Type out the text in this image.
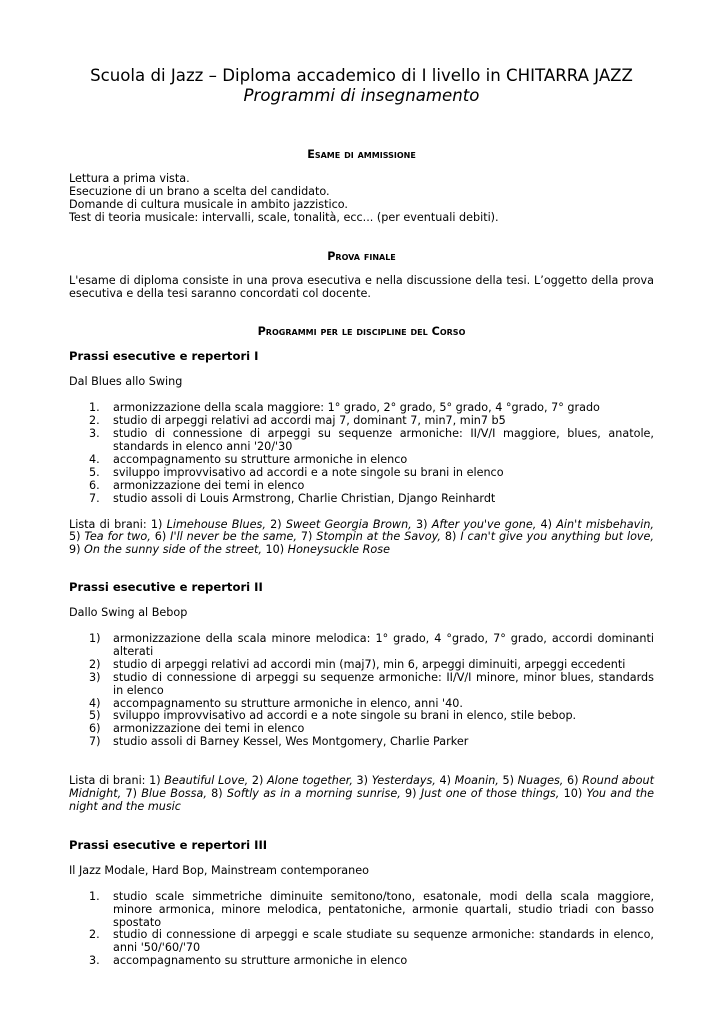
Scuola di Jazz – Diploma accademico di I livello in CHITARRA JAZZ

Programmi di insegnamento

Esame di ammissione

Lettura a prima vista.
Esecuzione di un brano a scelta del candidato.
Domande di cultura musicale in ambito jazzistico.
Test di teoria musicale: intervalli, scale, tonalità, ecc... (per eventuali debiti).

Prova finale

L'esame di diploma consiste in una prova esecutiva e nella discussione della tesi. L’oggetto della prova esecutiva e della tesi saranno concordati col docente.

Programmi per le discipline del Corso

Prassi esecutive e repertori I

Dal Blues allo Swing

1. armonizzazione della scala maggiore: 1° grado, 2° grado, 5° grado, 4 °grado, 7° grado
2. studio di arpeggi relativi ad accordi maj 7, dominant 7, min7, min7 b5
3. studio di connessione di arpeggi su sequenze armoniche: II/V/I maggiore, blues, anatole, standards in elenco anni '20/'30
4. accompagnamento su strutture armoniche in elenco
5. sviluppo improvvisativo ad accordi e a note singole su brani in elenco
6. armonizzazione dei temi in elenco
7. studio assoli di Louis Armstrong, Charlie Christian, Django Reinhardt

Lista di brani: 1) Limehouse Blues, 2) Sweet Georgia Brown, 3) After you've gone, 4) Ain't misbehavin, 5) Tea for two, 6) I'll never be the same, 7) Stompin at the Savoy, 8) I can't give you anything but love, 9) On the sunny side of the street, 10) Honeysuckle Rose

Prassi esecutive e repertori II

Dallo Swing al Bebop

1) armonizzazione della scala minore melodica: 1° grado, 4 °grado, 7° grado, accordi dominanti alterati
2) studio di arpeggi relativi ad accordi min (maj7), min 6, arpeggi diminuiti, arpeggi eccedenti
3) studio di connessione di arpeggi su sequenze armoniche: II/V/I minore, minor blues, standards in elenco
4) accompagnamento su strutture armoniche in elenco, anni '40.
5) sviluppo improvvisativo ad accordi e a note singole su brani in elenco, stile bebop.
6) armonizzazione dei temi in elenco
7) studio assoli di Barney Kessel, Wes Montgomery, Charlie Parker

Lista di brani: 1) Beautiful Love, 2) Alone together, 3) Yesterdays, 4) Moanin, 5) Nuages, 6) Round about Midnight, 7) Blue Bossa, 8) Softly as in a morning sunrise, 9) Just one of those things, 10) You and the night and the music

Prassi esecutive e repertori III

Il Jazz Modale, Hard Bop, Mainstream contemporaneo

1. studio scale simmetriche diminuite semitono/tono, esatonale, modi della scala maggiore, minore armonica, minore melodica, pentatoniche, armonie quartali, studio triadi con basso spostato
2. studio di connessione di arpeggi e scale studiate su sequenze armoniche: standards in elenco, anni '50/'60/'70
3. accompagnamento su strutture armoniche in elenco
